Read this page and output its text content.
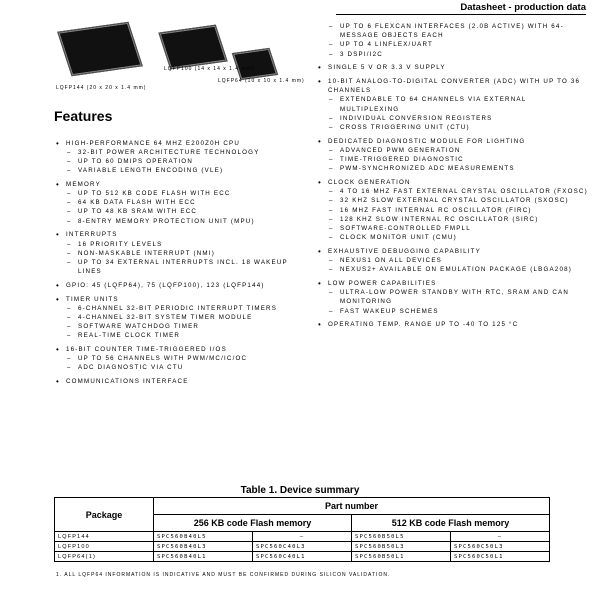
Datasheet - production data
LQFP144 (20 x 20 x 1.4 mm)
LQFP100 (14 x 14 x 1.4 mm)
LQFP64 (10 x 10 x 1.4 mm)
Features
• HIGH-PERFORMANCE 64 MHZ E200Z0H CPU
– 32-BIT POWER ARCHITECTURE TECHNOLOGY
– UP TO 60 DMIPS OPERATION
– VARIABLE LENGTH ENCODING (VLE)
• MEMORY
– UP TO 512 KB CODE FLASH WITH ECC
– 64 KB DATA FLASH WITH ECC
– UP TO 48 KB SRAM WITH ECC
– 8-ENTRY MEMORY PROTECTION UNIT (MPU)
• INTERRUPTS
– 16 PRIORITY LEVELS
– NON-MASKABLE INTERRUPT (NMI)
– UP TO 34 EXTERNAL INTERRUPTS INCL. 18 WAKEUP LINES
• GPIO: 45 (LQFP64), 75 (LQFP100), 123 (LQFP144)
• TIMER UNITS
– 6-CHANNEL 32-BIT PERIODIC INTERRUPT TIMERS
– 4-CHANNEL 32-BIT SYSTEM TIMER MODULE
– SOFTWARE WATCHDOG TIMER
– REAL-TIME CLOCK TIMER
• 16-BIT COUNTER TIME-TRIGGERED I/OS
– UP TO 56 CHANNELS WITH PWM/MC/IC/OC
– ADC DIAGNOSTIC VIA CTU
• COMMUNICATIONS INTERFACE
– UP TO 6 FLEXCAN INTERFACES (2.0B ACTIVE) WITH 64-MESSAGE OBJECTS EACH
– UP TO 4 LINFLEX/UART
– 3 DSPI/I2C
• SINGLE 5 V OR 3.3 V SUPPLY
• 10-BIT ANALOG-TO-DIGITAL CONVERTER (ADC) WITH UP TO 36 CHANNELS
– EXTENDABLE TO 64 CHANNELS VIA EXTERNAL MULTIPLEXING
– INDIVIDUAL CONVERSION REGISTERS
– CROSS TRIGGERING UNIT (CTU)
• DEDICATED DIAGNOSTIC MODULE FOR LIGHTING
– ADVANCED PWM GENERATION
– TIME-TRIGGERED DIAGNOSTIC
– PWM-SYNCHRONIZED ADC MEASUREMENTS
• CLOCK GENERATION
– 4 TO 16 MHZ FAST EXTERNAL CRYSTAL OSCILLATOR (FXOSC)
– 32 KHZ SLOW EXTERNAL CRYSTAL OSCILLATOR (SXOSC)
– 16 MHZ FAST INTERNAL RC OSCILLATOR (FIRC)
– 128 KHZ SLOW INTERNAL RC OSCILLATOR (SIRC)
– SOFTWARE-CONTROLLED FMPLL
– CLOCK MONITOR UNIT (CMU)
• EXHAUSTIVE DEBUGGING CAPABILITY
– NEXUS1 ON ALL DEVICES
– NEXUS2+ AVAILABLE ON EMULATION PACKAGE (LBGA208)
• LOW POWER CAPABILITIES
– ULTRA-LOW POWER STANDBY WITH RTC, SRAM AND CAN MONITORING
– FAST WAKEUP SCHEMES
• OPERATING TEMP. RANGE UP TO -40 TO 125 °C
Table 1. Device summary
Package	Part number			
	256 KB code Flash memory		512 KB code Flash memory	
LQFP144	SPC560B40L5	—	SPC560B50L5	—
LQFP100	SPC560B40L3	SPC560C40L3	SPC560B50L3	SPC560C50L3
LQFP64(1)	SPC560B40L1	SPC560C40L1	SPC560B50L1	SPC560C50L1
1. ALL LQFP64 INFORMATION IS INDICATIVE AND MUST BE CONFIRMED DURING SILICON VALIDATION.
